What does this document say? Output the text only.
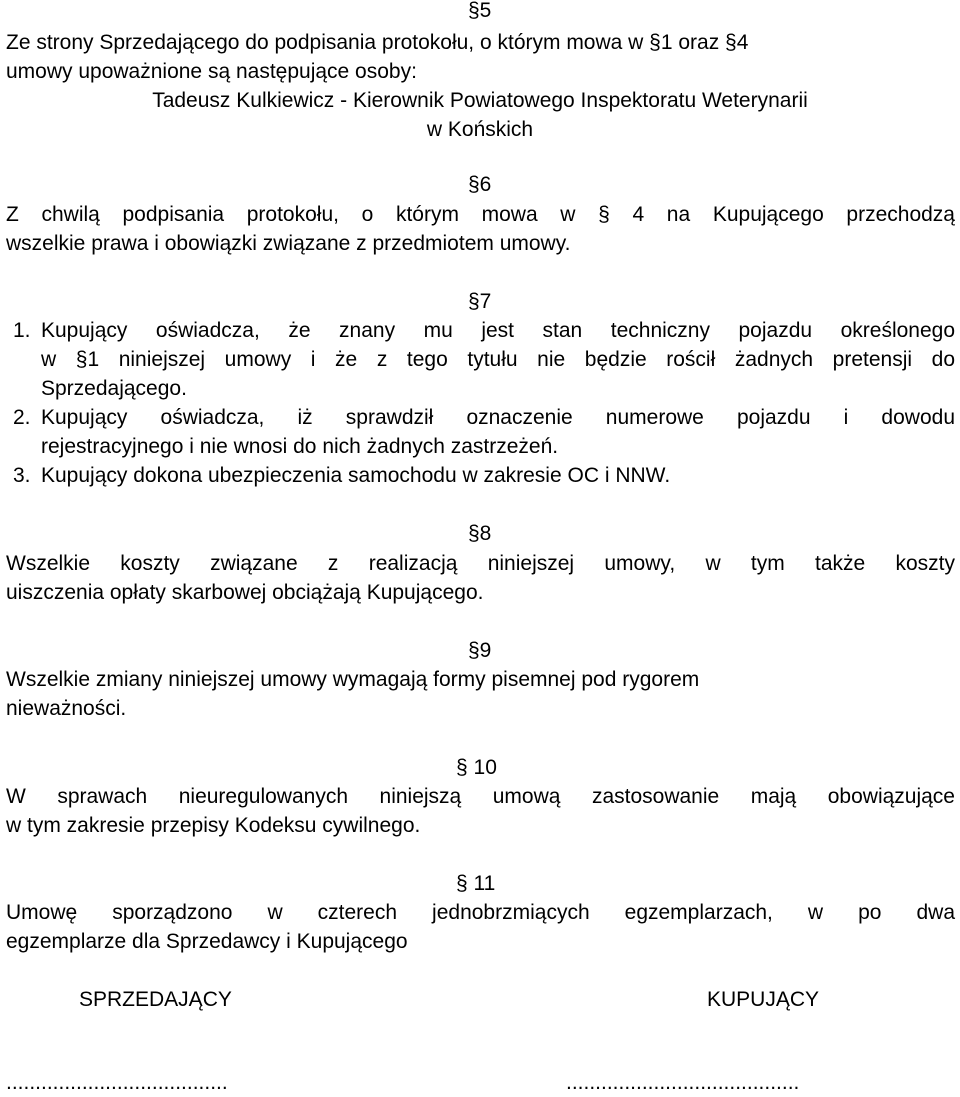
§5
Ze strony Sprzedającego do podpisania protokołu, o którym mowa w §1 oraz §4
umowy upoważnione są następujące osoby:
Tadeusz Kulkiewicz - Kierownik Powiatowego Inspektoratu Weterynarii
w Końskich
§6
Z chwilą podpisania protokołu, o którym mowa w § 4 na Kupującego przechodzą
wszelkie prawa i obowiązki związane z przedmiotem umowy.
§7
1. Kupujący oświadcza, że znany mu jest stan techniczny pojazdu określonego
w §1 niniejszej umowy i że z tego tytułu nie będzie rościł żadnych pretensji do
Sprzedającego.
2. Kupujący oświadcza, iż sprawdził oznaczenie numerowe pojazdu i dowodu
rejestracyjnego i nie wnosi do nich żadnych zastrzeżeń.
3. Kupujący dokona ubezpieczenia samochodu w zakresie OC i NNW.
§8
Wszelkie koszty związane z realizacją niniejszej umowy, w tym także koszty
uiszczenia opłaty skarbowej obciążają Kupującego.
§9
Wszelkie zmiany niniejszej umowy wymagają formy pisemnej pod rygorem
nieważności.
§ 10
W sprawach nieuregulowanych niniejszą umową zastosowanie mają obowiązujące
w tym zakresie przepisy Kodeksu cywilnego.
§ 11
Umowę sporządzono w czterech jednobrzmiących egzemplarzach, w po dwa
egzemplarze dla Sprzedawcy i Kupującego
SPRZEDAJĄCY	KUPUJĄCY
......................................	........................................
